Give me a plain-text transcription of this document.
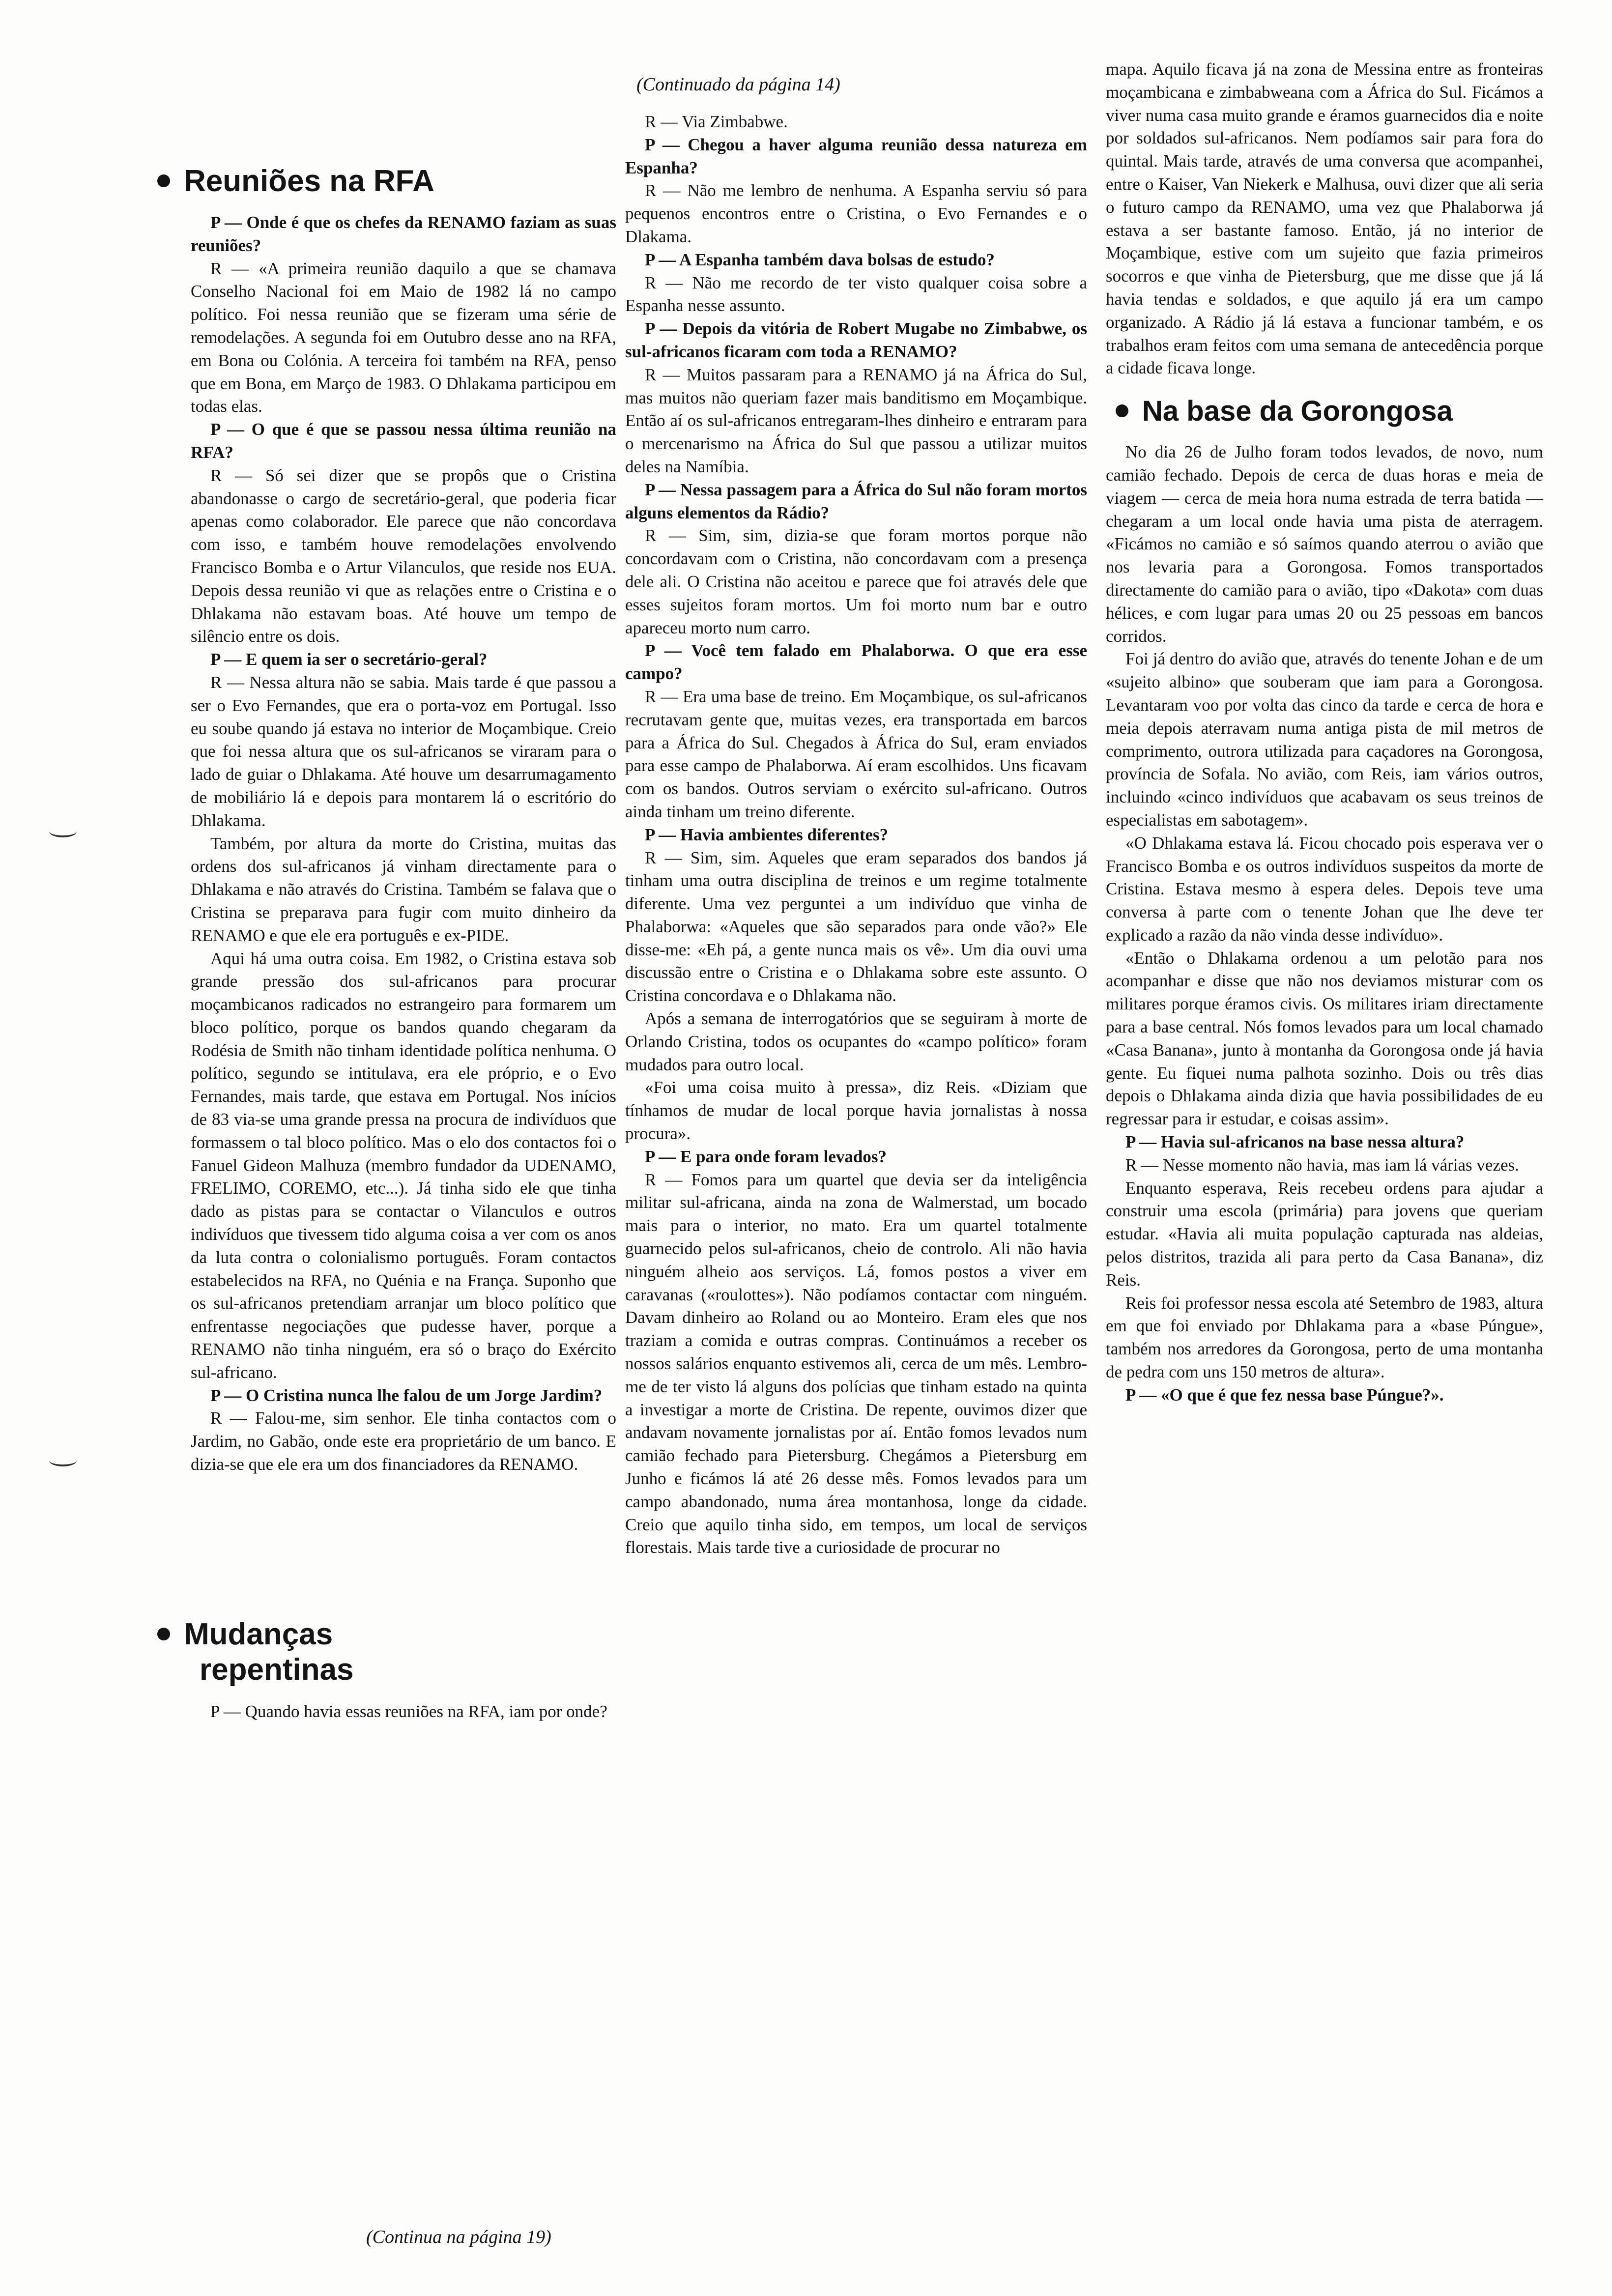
(Continuado da página 14)
Reuniões na RFA

P — Onde é que os chefes da RENAMO faziam as suas reuniões?

R — «A primeira reunião daquilo a que se chamava Conselho Nacional foi em Maio de 1982 lá no campo político. Foi nessa reunião que se fizeram uma série de remodelações. A segunda foi em Outubro desse ano na RFA, em Bona ou Colónia. A terceira foi também na RFA, penso que em Bona, em Março de 1983. O Dhlakama participou em todas elas.

P — O que é que se passou nessa última reunião na RFA?

R — Só sei dizer que se propôs que o Cristina abandonasse o cargo de secretário-geral, que poderia ficar apenas como colaborador. Ele parece que não concordava com isso, e também houve remodelações envolvendo Francisco Bomba e o Artur Vilanculos, que reside nos EUA. Depois dessa reunião vi que as relações entre o Cristina e o Dhlakama não estavam boas. Até houve um tempo de silêncio entre os dois.

P — E quem ia ser o secretário-geral?

R — Nessa altura não se sabia. Mais tarde é que passou a ser o Evo Fernandes, que era o porta-voz em Portugal. Isso eu soube quando já estava no interior de Moçambique. Creio que foi nessa altura que os sul-africanos se viraram para o lado de guiar o Dhlakama. Até houve um desarrumagamento de mobiliário lá e depois para montarem lá o escritório do Dhlakama.

Também, por altura da morte do Cristina, muitas das ordens dos sul-africanos já vinham directamente para o Dhlakama e não através do Cristina. Também se falava que o Cristina se preparava para fugir com muito dinheiro da RENAMO e que ele era português e ex-PIDE.

Aqui há uma outra coisa. Em 1982, o Cristina estava sob grande pressão dos sul-africanos para procurar moçambicanos radicados no estrangeiro para formarem um bloco político, porque os bandos quando chegaram da Rodésia de Smith não tinham identidade política nenhuma. O político, segundo se intitulava, era ele próprio, e o Evo Fernandes, mais tarde, que estava em Portugal. Nos inícios de 83 via-se uma grande pressa na procura de indivíduos que formassem o tal bloco político. Mas o elo dos contactos foi o Fanuel Gideon Malhuza (membro fundador da UDENAMO, FRELIMO, COREMO, etc...). Já tinha sido ele que tinha dado as pistas para se contactar o Vilanculos e outros indivíduos que tivessem tido alguma coisa a ver com os anos da luta contra o colonialismo português. Foram contactos estabelecidos na RFA, no Quénia e na França. Suponho que os sul-africanos pretendiam arranjar um bloco político que enfrentasse negociações que pudesse haver, porque a RENAMO não tinha ninguém, era só o braço do Exército sul-africano.

P — O Cristina nunca lhe falou de um Jorge Jardim?

R — Falou-me, sim senhor. Ele tinha contactos com o Jardim, no Gabão, onde este era proprietário de um banco. E dizia-se que ele era um dos financiadores da RENAMO.

Mudanças
repentinas

P — Quando havia essas reuniões na RFA, iam por onde?

(Continua na página 19)

R — Via Zimbabwe.

P — Chegou a haver alguma reunião dessa natureza em Espanha?

R — Não me lembro de nenhuma. A Espanha serviu só para pequenos encontros entre o Cristina, o Evo Fernandes e o Dlakama.

P — A Espanha também dava bolsas de estudo?

R — Não me recordo de ter visto qualquer coisa sobre a Espanha nesse assunto.

P — Depois da vitória de Robert Mugabe no Zimbabwe, os sul-africanos ficaram com toda a RENAMO?

R — Muitos passaram para a RENAMO já na África do Sul, mas muitos não queriam fazer mais banditismo em Moçambique. Então aí os sul-africanos entregaram-lhes dinheiro e entraram para o mercenarismo na África do Sul que passou a utilizar muitos deles na Namíbia.

P — Nessa passagem para a África do Sul não foram mortos alguns elementos da Rádio?

R — Sim, sim, dizia-se que foram mortos porque não concordavam com o Cristina, não concordavam com a presença dele ali. O Cristina não aceitou e parece que foi através dele que esses sujeitos foram mortos. Um foi morto num bar e outro apareceu morto num carro.

P — Você tem falado em Phalaborwa. O que era esse campo?

R — Era uma base de treino. Em Moçambique, os sul-africanos recrutavam gente que, muitas vezes, era transportada em barcos para a África do Sul. Chegados à África do Sul, eram enviados para esse campo de Phalaborwa. Aí eram escolhidos. Uns ficavam com os bandos. Outros serviam o exército sul-africano. Outros ainda tinham um treino diferente.

P — Havia ambientes diferentes?

R — Sim, sim. Aqueles que eram separados dos bandos já tinham uma outra disciplina de treinos e um regime totalmente diferente. Uma vez perguntei a um indivíduo que vinha de Phalaborwa: «Aqueles que são separados para onde vão?» Ele disse-me: «Eh pá, a gente nunca mais os vê». Um dia ouvi uma discussão entre o Cristina e o Dhlakama sobre este assunto. O Cristina concordava e o Dhlakama não.

Após a semana de interrogatórios que se seguiram à morte de Orlando Cristina, todos os ocupantes do «campo político» foram mudados para outro local.

«Foi uma coisa muito à pressa», diz Reis. «Diziam que tínhamos de mudar de local porque havia jornalistas à nossa procura».

P — E para onde foram levados?

R — Fomos para um quartel que devia ser da inteligência militar sul-africana, ainda na zona de Walmerstad, um bocado mais para o interior, no mato. Era um quartel totalmente guarnecido pelos sul-africanos, cheio de controlo. Ali não havia ninguém alheio aos serviços. Lá, fomos postos a viver em caravanas («roulottes»). Não podíamos contactar com ninguém. Davam dinheiro ao Roland ou ao Monteiro. Eram eles que nos traziam a comida e outras compras. Continuámos a receber os nossos salários enquanto estivemos ali, cerca de um mês. Lembro-me de ter visto lá alguns dos polícias que tinham estado na quinta a investigar a morte de Cristina. De repente, ouvimos dizer que andavam novamente jornalistas por aí. Então fomos levados num camião fechado para Pietersburg. Chegámos a Pietersburg em Junho e ficámos lá até 26 desse mês. Fomos levados para um campo abandonado, numa área montanhosa, longe da cidade. Creio que aquilo tinha sido, em tempos, um local de serviços florestais. Mais tarde tive a curiosidade de procurar no

mapa. Aquilo ficava já na zona de Messina entre as fronteiras moçambicana e zimbabweana com a África do Sul. Ficámos a viver numa casa muito grande e éramos guarnecidos dia e noite por soldados sul-africanos. Nem podíamos sair para fora do quintal. Mais tarde, através de uma conversa que acompanhei, entre o Kaiser, Van Niekerk e Malhusa, ouvi dizer que ali seria o futuro campo da RENAMO, uma vez que Phalaborwa já estava a ser bastante famoso. Então, já no interior de Moçambique, estive com um sujeito que fazia primeiros socorros e que vinha de Pietersburg, que me disse que já lá havia tendas e soldados, e que aquilo já era um campo organizado. A Rádio já lá estava a funcionar também, e os trabalhos eram feitos com uma semana de antecedência porque a cidade ficava longe.

Na base da Gorongosa

No dia 26 de Julho foram todos levados, de novo, num camião fechado. Depois de cerca de duas horas e meia de viagem — cerca de meia hora numa estrada de terra batida — chegaram a um local onde havia uma pista de aterragem. «Ficámos no camião e só saímos quando aterrou o avião que nos levaria para a Gorongosa. Fomos transportados directamente do camião para o avião, tipo «Dakota» com duas hélices, e com lugar para umas 20 ou 25 pessoas em bancos corridos.

Foi já dentro do avião que, através do tenente Johan e de um «sujeito albino» que souberam que iam para a Gorongosa. Levantaram voo por volta das cinco da tarde e cerca de hora e meia depois aterravam numa antiga pista de mil metros de comprimento, outrora utilizada para caçadores na Gorongosa, província de Sofala. No avião, com Reis, iam vários outros, incluindo «cinco indivíduos que acabavam os seus treinos de especialistas em sabotagem».

«O Dhlakama estava lá. Ficou chocado pois esperava ver o Francisco Bomba e os outros indivíduos suspeitos da morte de Cristina. Estava mesmo à espera deles. Depois teve uma conversa à parte com o tenente Johan que lhe deve ter explicado a razão da não vinda desse indivíduo».

«Então o Dhlakama ordenou a um pelotão para nos acompanhar e disse que não nos deviamos misturar com os militares porque éramos civis. Os militares iriam directamente para a base central. Nós fomos levados para um local chamado «Casa Banana», junto à montanha da Gorongosa onde já havia gente. Eu fiquei numa palhota sozinho. Dois ou três dias depois o Dhlakama ainda dizia que havia possibilidades de eu regressar para ir estudar, e coisas assim».

P — Havia sul-africanos na base nessa altura?

R — Nesse momento não havia, mas iam lá várias vezes.

Enquanto esperava, Reis recebeu ordens para ajudar a construir uma escola (primária) para jovens que queriam estudar. «Havia ali muita população capturada nas aldeias, pelos distritos, trazida ali para perto da Casa Banana», diz Reis.

Reis foi professor nessa escola até Setembro de 1983, altura em que foi enviado por Dhlakama para a «base Púngue», também nos arredores da Gorongosa, perto de uma montanha de pedra com uns 150 metros de altura».

P — «O que é que fez nessa base Púngue?».
